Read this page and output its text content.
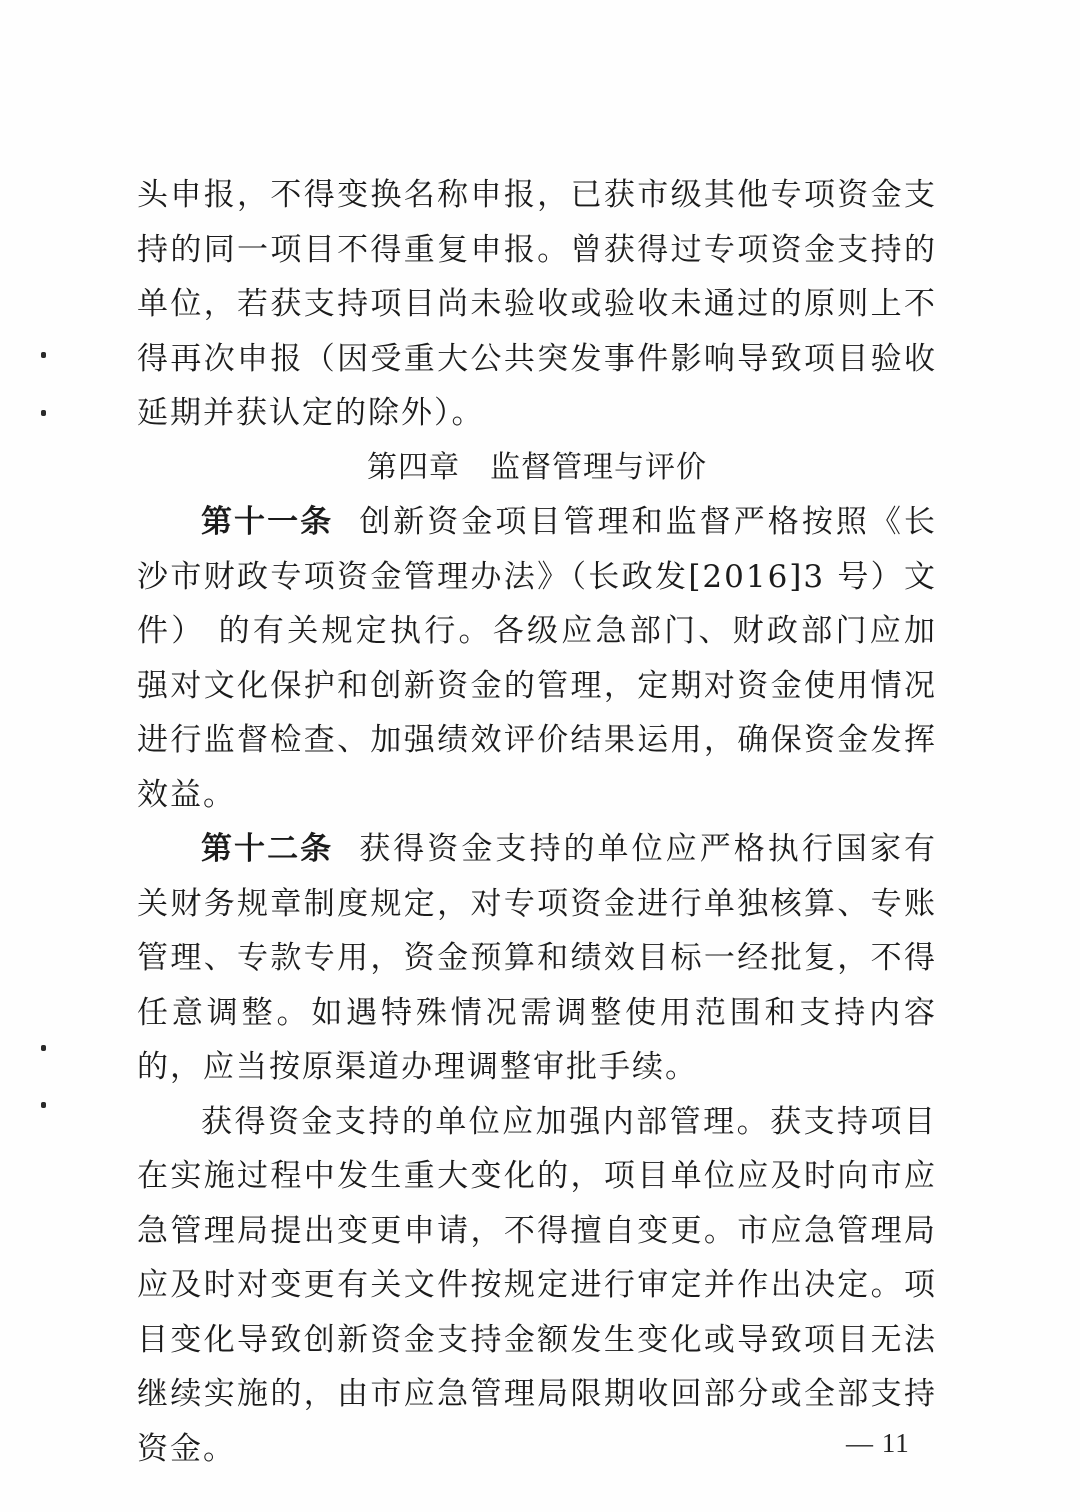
头申报，不得变换名称申报，已获市级其他专项资金支持的同一项目不得重复申报。曾获得过专项资金支持的单位，若获支持项目尚未验收或验收未通过的原则上不得再次申报（因受重大公共突发事件影响导致项目验收延期并获认定的除外）。

第四章 监督管理与评价

第十一条 创新资金项目管理和监督严格按照《长沙市财政专项资金管理办法》（长政发[2016]3 号）文件） 的有关规定执行。各级应急部门、财政部门应加强对文化保护和创新资金的管理，定期对资金使用情况进行监督检查、加强绩效评价结果运用，确保资金发挥效益。

第十二条 获得资金支持的单位应严格执行国家有关财务规章制度规定，对专项资金进行单独核算、专账管理、专款专用，资金预算和绩效目标一经批复，不得任意调整。如遇特殊情况需调整使用范围和支持内容的，应当按原渠道办理调整审批手续。

获得资金支持的单位应加强内部管理。获支持项目在实施过程中发生重大变化的，项目单位应及时向市应急管理局提出变更申请，不得擅自变更。市应急管理局应及时对变更有关文件按规定进行审定并作出决定。项目变化导致创新资金支持金额发生变化或导致项目无法继续实施的，由市应急管理局限期收回部分或全部支持资金。	— 11
